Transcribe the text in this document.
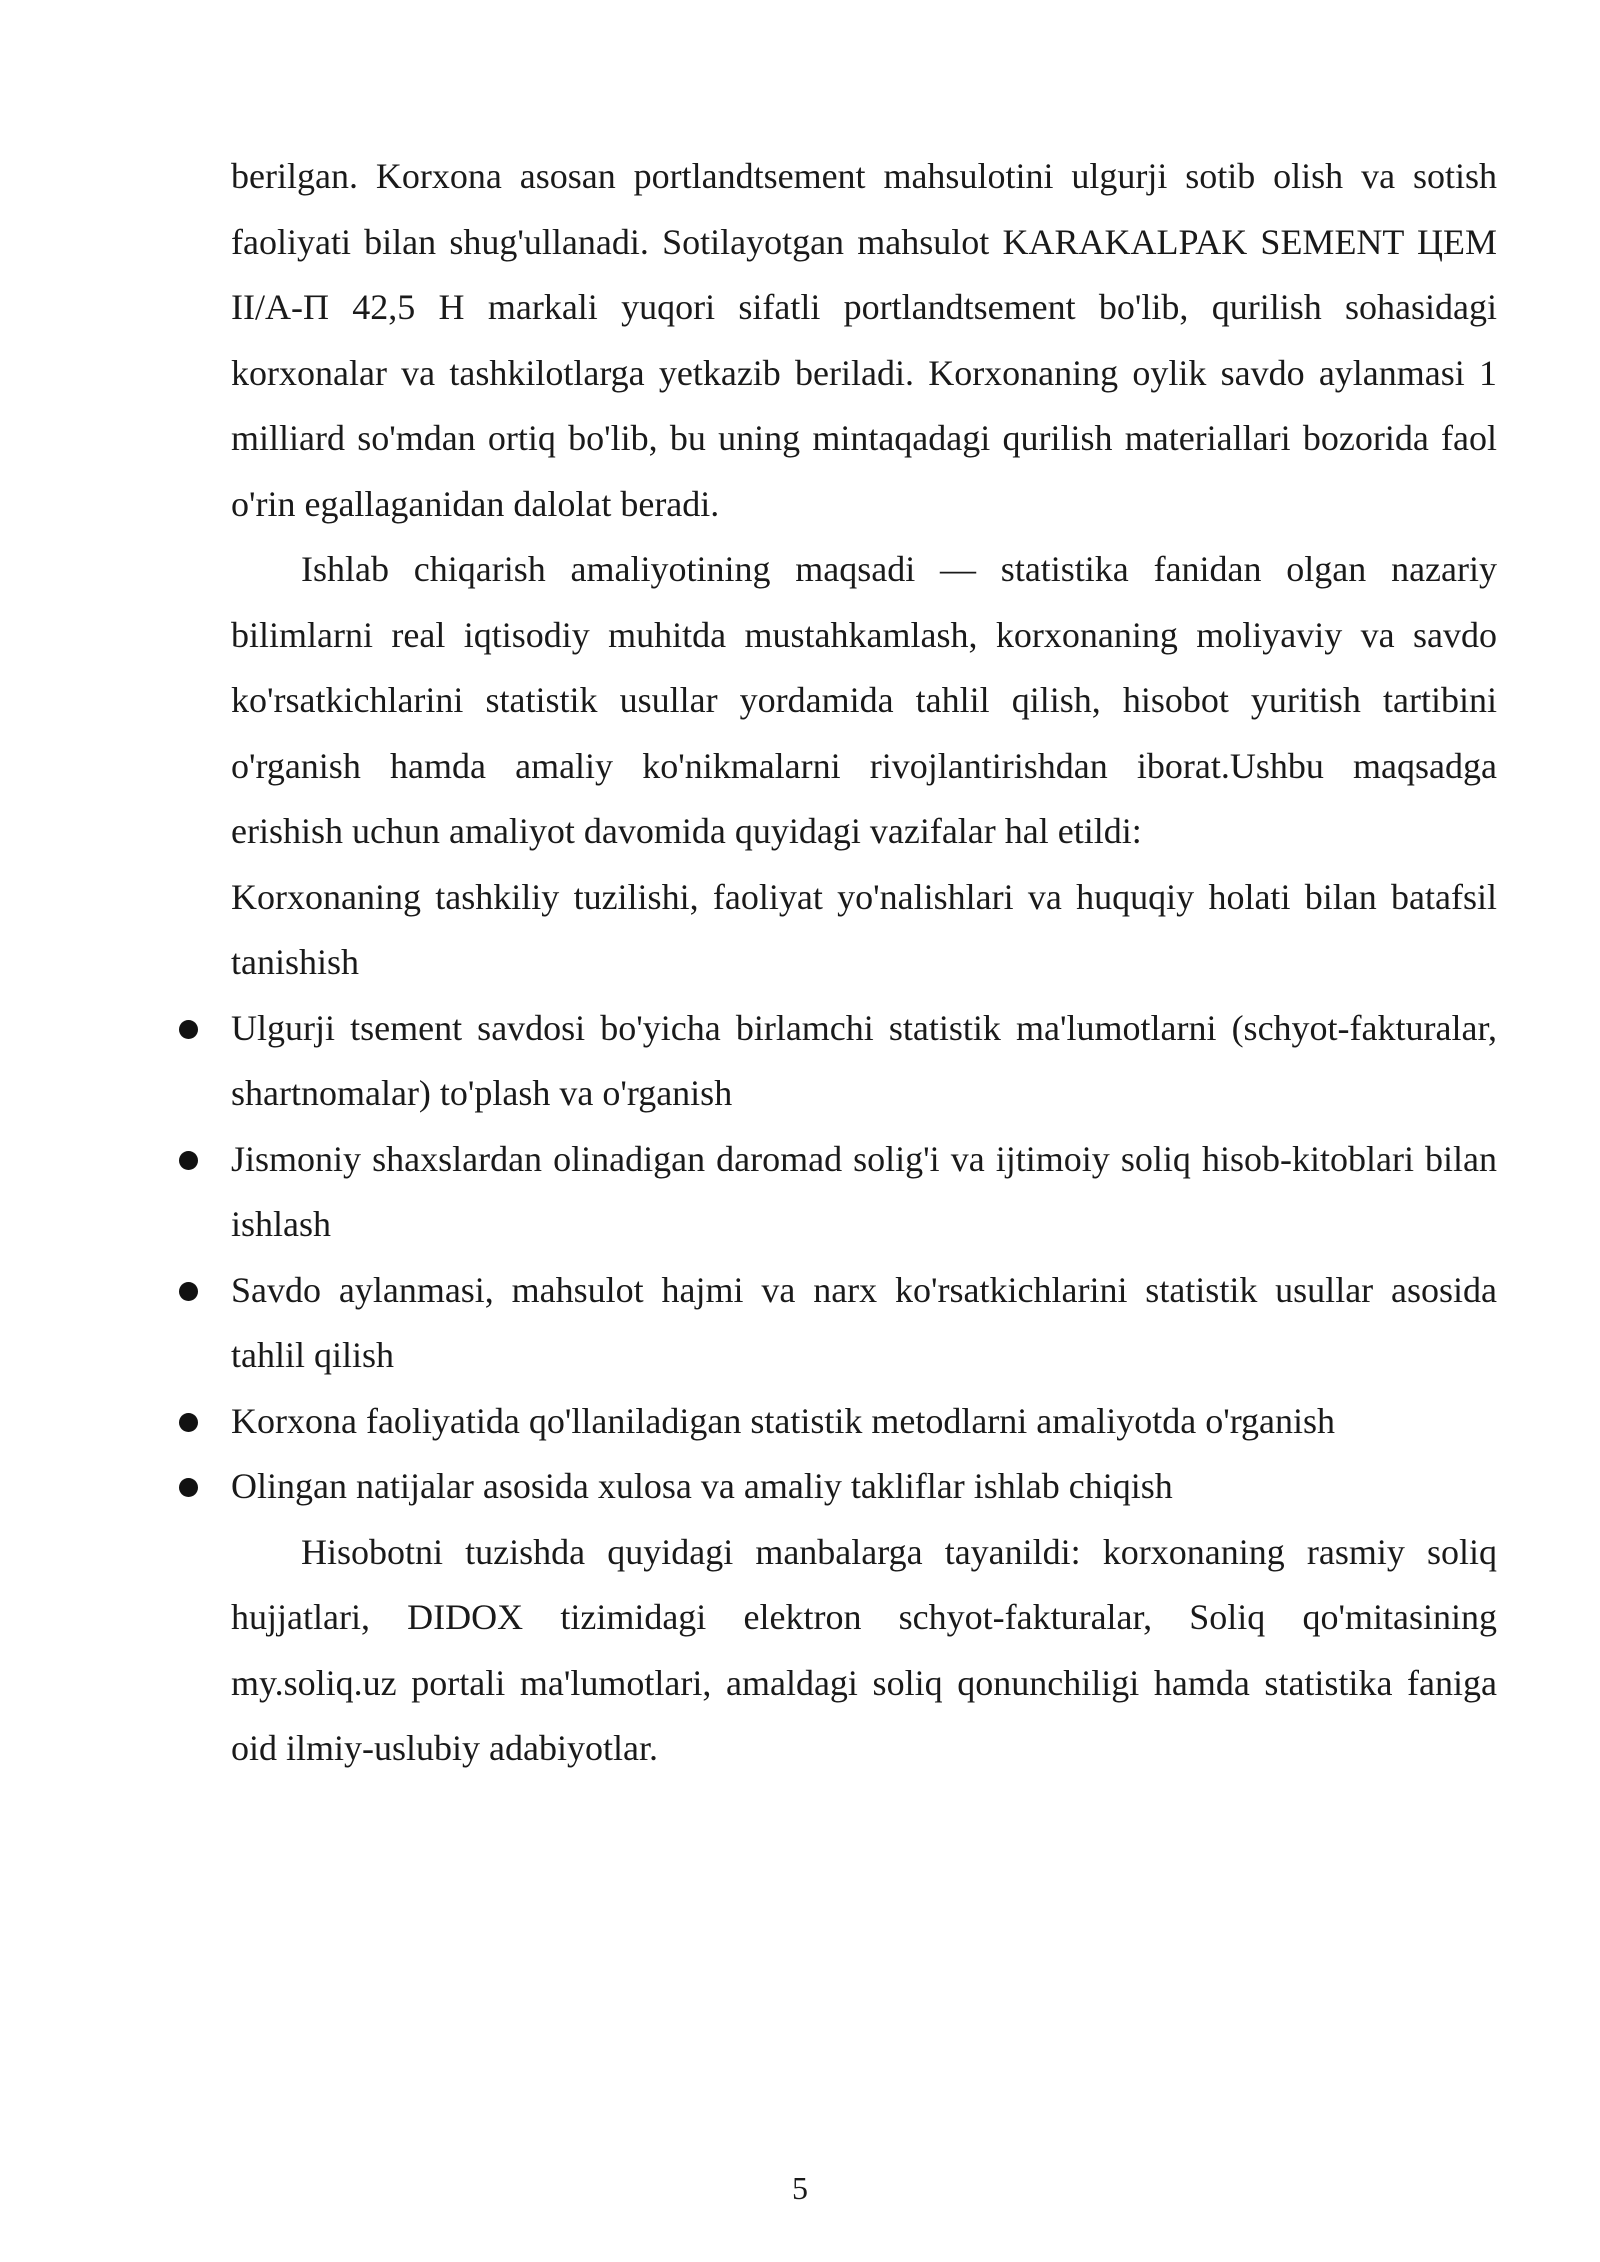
berilgan. Korxona asosan portlandtsement mahsulotini ulgurji sotib olish va sotish faoliyati bilan shug'ullanadi. Sotilayotgan mahsulot KARAKALPAK SEMENT ЦЕМ II/А-П 42,5 Н markali yuqori sifatli portlandtsement bo'lib, qurilish sohasidagi korxonalar va tashkilotlarga yetkazib beriladi. Korxonaning oylik savdo aylanmasi 1 milliard so'mdan ortiq bo'lib, bu uning mintaqadagi qurilish materiallari bozorida faol o'rin egallaganidan dalolat beradi.

Ishlab chiqarish amaliyotining maqsadi — statistika fanidan olgan nazariy bilimlarni real iqtisodiy muhitda mustahkamlash, korxonaning moliyaviy va savdo ko'rsatkichlarini statistik usullar yordamida tahlil qilish, hisobot yuritish tartibini o'rganish hamda amaliy ko'nikmalarni rivojlantirishdan iborat.Ushbu maqsadga erishish uchun amaliyot davomida quyidagi vazifalar hal etildi:

Korxonaning tashkiliy tuzilishi, faoliyat yo'nalishlari va huquqiy holati bilan batafsil tanishish

Ulgurji tsement savdosi bo'yicha birlamchi statistik ma'lumotlarni (schyot-fakturalar, shartnomalar) to'plash va o'rganish
Jismoniy shaxslardan olinadigan daromad solig'i va ijtimoiy soliq hisob-kitoblari bilan ishlash
Savdo aylanmasi, mahsulot hajmi va narx ko'rsatkichlarini statistik usullar asosida tahlil qilish
Korxona faoliyatida qo'llaniladigan statistik metodlarni amaliyotda o'rganish
Olingan natijalar asosida xulosa va amaliy takliflar ishlab chiqish

Hisobotni tuzishda quyidagi manbalarga tayanildi: korxonaning rasmiy soliq hujjatlari, DIDOX tizimidagi elektron schyot-fakturalar, Soliq qo'mitasining my.soliq.uz portali ma'lumotlari, amaldagi soliq qonunchiligi hamda statistika faniga oid ilmiy-uslubiy adabiyotlar.

5
